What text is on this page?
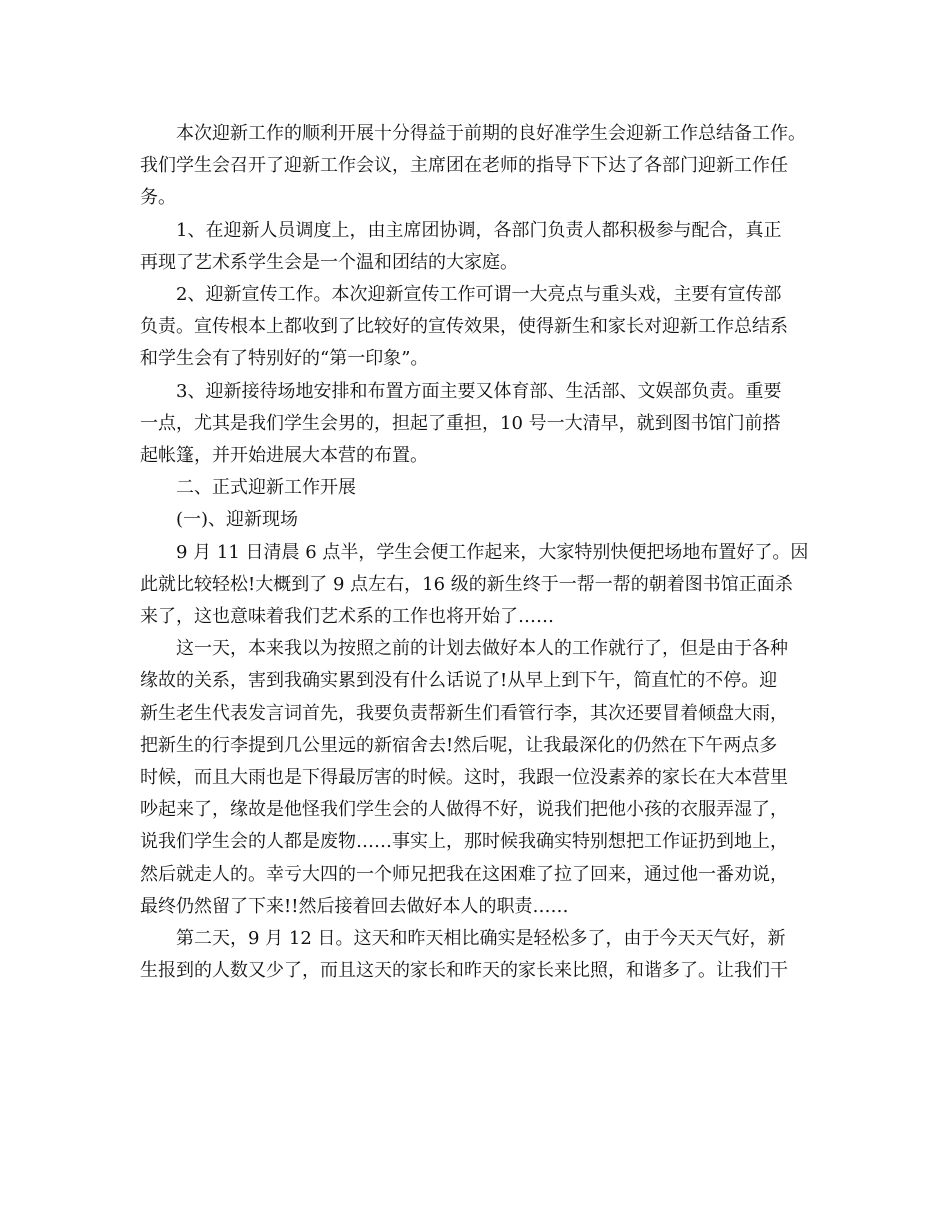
本次迎新工作的顺利开展十分得益于前期的良好准学生会迎新工作总结备工作。
我们学生会召开了迎新工作会议，主席团在老师的指导下下达了各部门迎新工作任
务。

1、在迎新人员调度上，由主席团协调，各部门负责人都积极参与配合，真正
再现了艺术系学生会是一个温和团结的大家庭。

2、迎新宣传工作。本次迎新宣传工作可谓一大亮点与重头戏，主要有宣传部
负责。宣传根本上都收到了比较好的宣传效果，使得新生和家长对迎新工作总结系
和学生会有了特别好的“第一印象”。

3、迎新接待场地安排和布置方面主要又体育部、生活部、文娱部负责。重要
一点，尤其是我们学生会男的，担起了重担，10 号一大清早，就到图书馆门前搭
起帐篷，并开始进展大本营的布置。

二、正式迎新工作开展

(一)、迎新现场

9 月 11 日清晨 6 点半，学生会便工作起来，大家特别快便把场地布置好了。因
此就比较轻松!大概到了 9 点左右，16 级的新生终于一帮一帮的朝着图书馆正面杀
来了，这也意味着我们艺术系的工作也将开始了……

这一天，本来我以为按照之前的计划去做好本人的工作就行了，但是由于各种
缘故的关系，害到我确实累到没有什么话说了!从早上到下午，简直忙的不停。迎
新生老生代表发言词首先，我要负责帮新生们看管行李，其次还要冒着倾盘大雨，
把新生的行李提到几公里远的新宿舍去!然后呢，让我最深化的仍然在下午两点多
时候，而且大雨也是下得最厉害的时候。这时，我跟一位没素养的家长在大本营里
吵起来了，缘故是他怪我们学生会的人做得不好，说我们把他小孩的衣服弄湿了，
说我们学生会的人都是废物……事实上，那时候我确实特别想把工作证扔到地上，
然后就走人的。幸亏大四的一个师兄把我在这困难了拉了回来，通过他一番劝说，
最终仍然留了下来!!然后接着回去做好本人的职责……

第二天，9 月 12 日。这天和昨天相比确实是轻松多了，由于今天天气好，新
生报到的人数又少了，而且这天的家长和昨天的家长来比照，和谐多了。让我们干
